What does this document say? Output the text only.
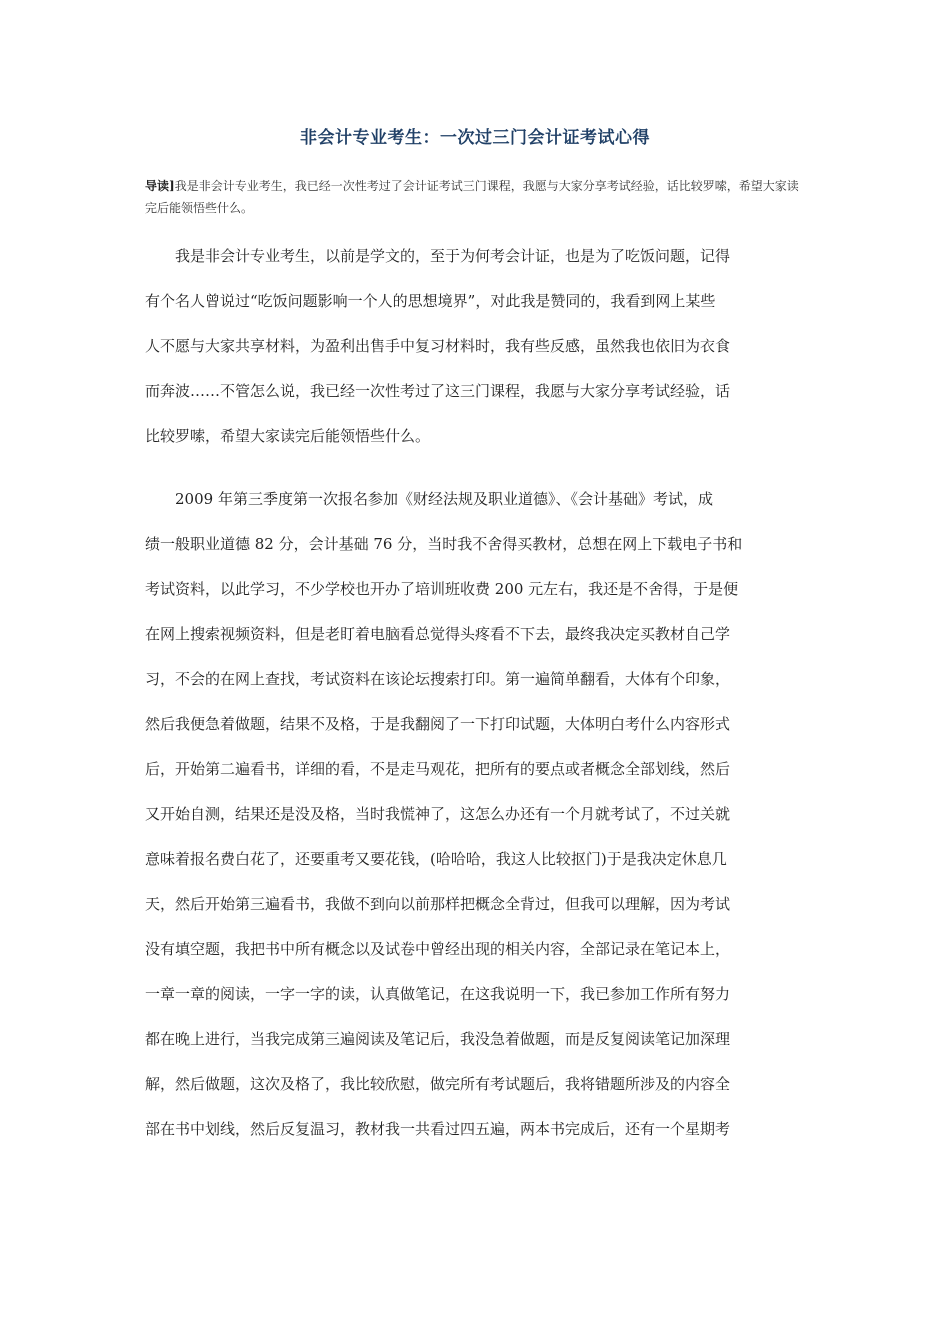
非会计专业考生：一次过三门会计证考试心得
导读]我是非会计专业考生，我已经一次性考过了会计证考试三门课程，我愿与大家分享考试经验，话比较罗嗦，希望大家读完后能领悟些什么。
　　我是非会计专业考生，以前是学文的，至于为何考会计证，也是为了吃饭问题，记得
有个名人曾说过“吃饭问题影响一个人的思想境界”，对此我是赞同的，我看到网上某些
人不愿与大家共享材料，为盈利出售手中复习材料时，我有些反感，虽然我也依旧为衣食
而奔波……不管怎么说，我已经一次性考过了这三门课程，我愿与大家分享考试经验，话
比较罗嗦，希望大家读完后能领悟些什么。
　　2009 年第三季度第一次报名参加《财经法规及职业道德》、《会计基础》考试，成
绩一般职业道德 82 分，会计基础 76 分，当时我不舍得买教材，总想在网上下载电子书和
考试资料，以此学习，不少学校也开办了培训班收费 200 元左右，我还是不舍得，于是便
在网上搜索视频资料，但是老盯着电脑看总觉得头疼看不下去，最终我决定买教材自己学
习，不会的在网上查找，考试资料在该论坛搜索打印。第一遍简单翻看，大体有个印象，
然后我便急着做题，结果不及格，于是我翻阅了一下打印试题，大体明白考什么内容形式
后，开始第二遍看书，详细的看，不是走马观花，把所有的要点或者概念全部划线，然后
又开始自测，结果还是没及格，当时我慌神了，这怎么办还有一个月就考试了，不过关就
意味着报名费白花了，还要重考又要花钱，(哈哈哈，我这人比较抠门)于是我决定休息几
天，然后开始第三遍看书，我做不到向以前那样把概念全背过，但我可以理解，因为考试
没有填空题，我把书中所有概念以及试卷中曾经出现的相关内容，全部记录在笔记本上，
一章一章的阅读，一字一字的读，认真做笔记，在这我说明一下，我已参加工作所有努力
都在晚上进行，当我完成第三遍阅读及笔记后，我没急着做题，而是反复阅读笔记加深理
解，然后做题，这次及格了，我比较欣慰，做完所有考试题后，我将错题所涉及的内容全
部在书中划线，然后反复温习，教材我一共看过四五遍，两本书完成后，还有一个星期考
